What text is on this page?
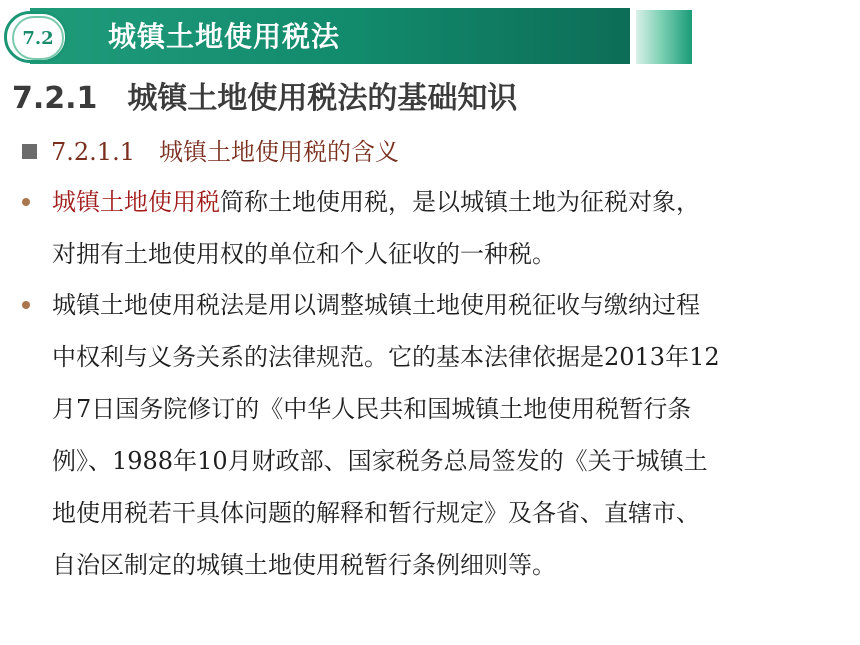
7.2	城镇土地使用税法
7.2.1 城镇土地使用税法的基础知识
7.2.1.1 城镇土地使用税的含义
城镇土地使用税简称土地使用税，是以城镇土地为征税对象，
对拥有土地使用权的单位和个人征收的一种税。
城镇土地使用税法是用以调整城镇土地使用税征收与缴纳过程
中权利与义务关系的法律规范。它的基本法律依据是2013年12
月7日国务院修订的《中华人民共和国城镇土地使用税暂行条
例》、1988年10月财政部、国家税务总局签发的《关于城镇土
地使用税若干具体问题的解释和暂行规定》及各省、直辖市、
自治区制定的城镇土地使用税暂行条例细则等。
